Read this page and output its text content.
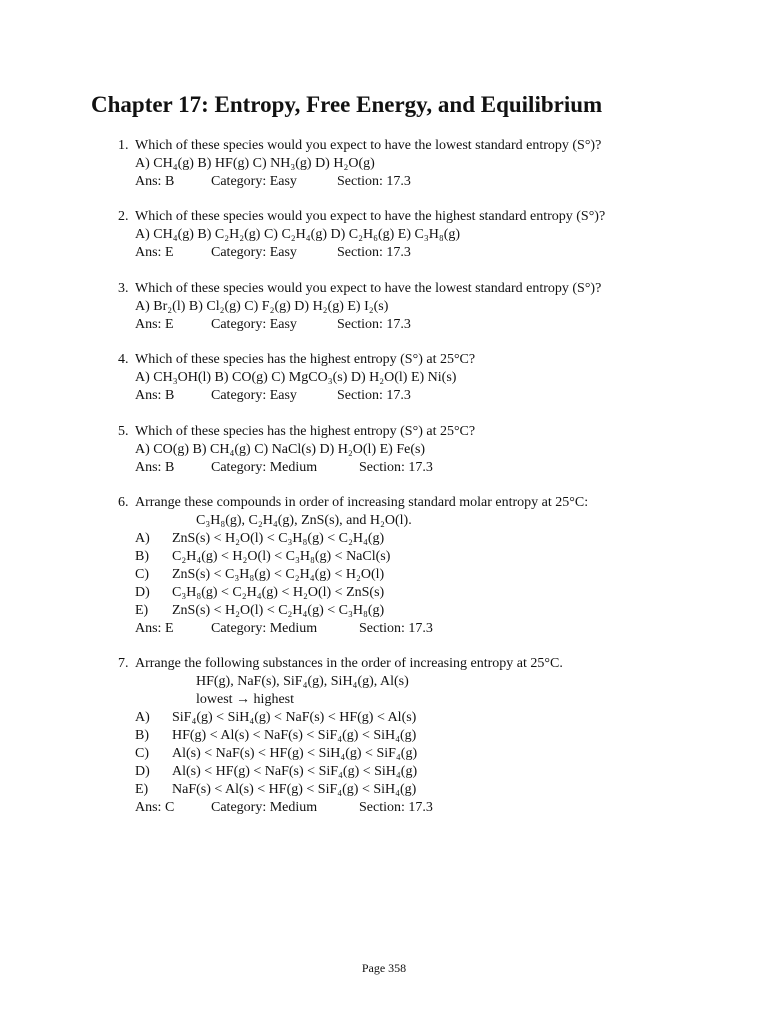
Chapter 17: Entropy, Free Energy, and Equilibrium
1. Which of these species would you expect to have the lowest standard entropy (S°)?
A) CH₄(g) B) HF(g) C) NH₃(g) D) H₂O(g)
Ans: B	Category: Easy	Section: 17.3
2. Which of these species would you expect to have the highest standard entropy (S°)?
A) CH₄(g) B) C₂H₂(g) C) C₂H₄(g) D) C₂H₆(g) E) C₃H₈(g)
Ans: E	Category: Easy	Section: 17.3
3. Which of these species would you expect to have the lowest standard entropy (S°)?
A) Br₂(l) B) Cl₂(g) C) F₂(g) D) H₂(g) E) I₂(s)
Ans: E	Category: Easy	Section: 17.3
4. Which of these species has the highest entropy (S°) at 25°C?
A) CH₃OH(l) B) CO(g) C) MgCO₃(s) D) H₂O(l) E) Ni(s)
Ans: B	Category: Easy	Section: 17.3
5. Which of these species has the highest entropy (S°) at 25°C?
A) CO(g) B) CH₄(g) C) NaCl(s) D) H₂O(l) E) Fe(s)
Ans: B	Category: Medium	Section: 17.3
6. Arrange these compounds in order of increasing standard molar entropy at 25°C:
C₃H₈(g), C₂H₄(g), ZnS(s), and H₂O(l).
A) ZnS(s) < H₂O(l) < C₃H₈(g) < C₂H₄(g)
B) C₂H₄(g) < H₂O(l) < C₃H₈(g) < NaCl(s)
C) ZnS(s) < C₃H₈(g) < C₂H₄(g) < H₂O(l)
D) C₃H₈(g) < C₂H₄(g) < H₂O(l) < ZnS(s)
E) ZnS(s) < H₂O(l) < C₂H₄(g) < C₃H₈(g)
Ans: E	Category: Medium	Section: 17.3
7. Arrange the following substances in the order of increasing entropy at 25°C.
HF(g), NaF(s), SiF₄(g), SiH₄(g), Al(s)
lowest → highest
A) SiF₄(g) < SiH₄(g) < NaF(s) < HF(g) < Al(s)
B) HF(g) < Al(s) < NaF(s) < SiF₄(g) < SiH₄(g)
C) Al(s) < NaF(s) < HF(g) < SiH₄(g) < SiF₄(g)
D) Al(s) < HF(g) < NaF(s) < SiF₄(g) < SiH₄(g)
E) NaF(s) < Al(s) < HF(g) < SiF₄(g) < SiH₄(g)
Ans: C	Category: Medium	Section: 17.3
Page 358
